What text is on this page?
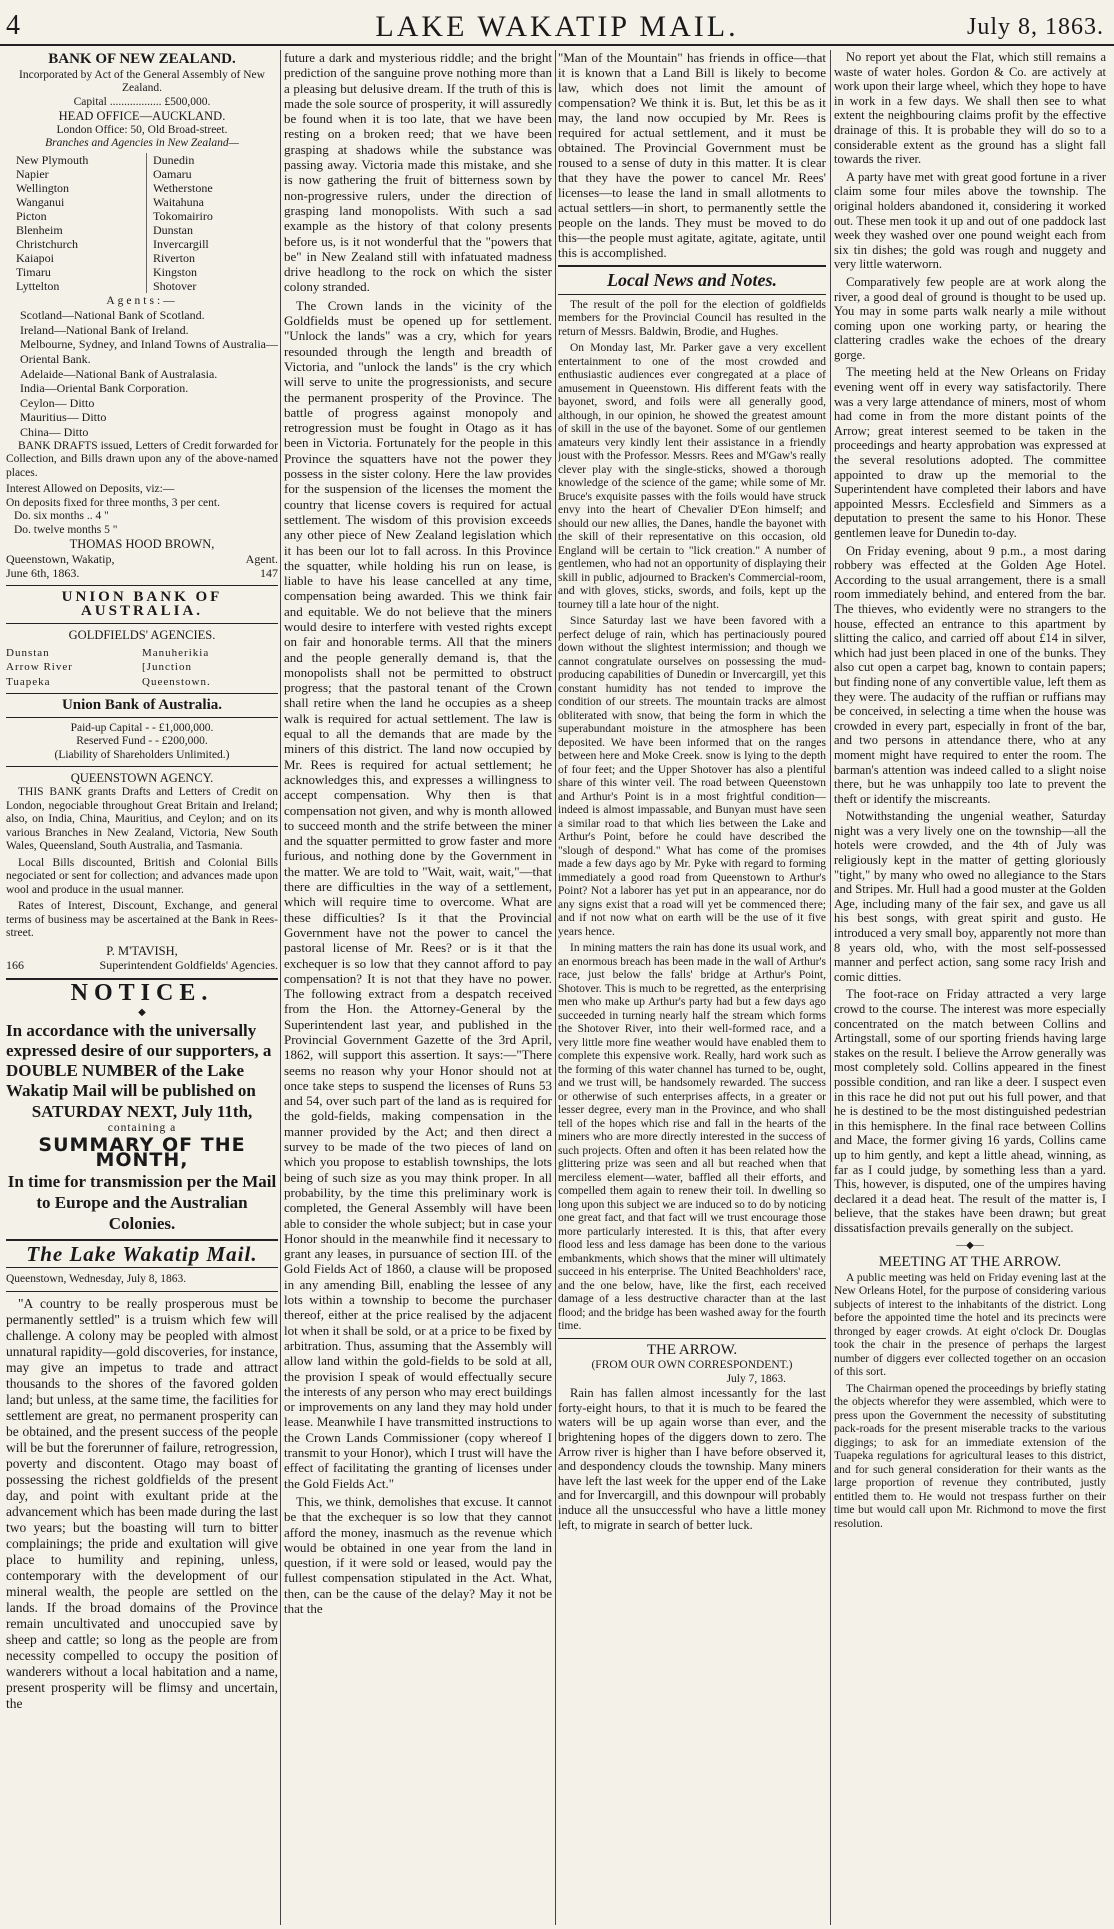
4	LAKE WAKATIP MAIL.	July 8, 1863.
BANK OF NEW ZEALAND.
Incorporated by Act of the General Assembly of New Zealand.
Capital .................. £500,000.
HEAD OFFICE—AUCKLAND.
London Office: 50, Old Broad-street.
Branches and Agencies in New Zealand—
New Plymouth	Dunedin
Napier	Oamaru
Wellington	Wetherstone
Wanganui	Waitahuna
Picton	Tokomairiro
Blenheim	Dunstan
Christchurch	Invercargill
Kaiapoi	Riverton
Timaru	Kingston
Lyttelton	Shotover
Agents:—
Scotland—National Bank of Scotland.
Ireland—National Bank of Ireland.
Melbourne, Sydney, and Inland Towns of Australia—Oriental Bank.
Adelaide—National Bank of Australasia.
India—Oriental Bank Corporation.
Ceylon— Ditto
Mauritius— Ditto
China— Ditto

BANK DRAFTS issued, Letters of Credit forwarded for Collection, and Bills drawn upon any of the above-named places.

Interest Allowed on Deposits, viz:—
On deposits fixed for three months, 3 per cent.
Do. six months .. 4 "
Do. twelve months 5 "
THOMAS HOOD BROWN,
Queenstown, Wakatip,	Agent.
June 6th, 1863.	147
UNION BANK OF AUSTRALIA.
GOLDFIELDS' AGENCIES.
Dunstan	Manuherikia
Arrow River	[Junction
Tuapeka	Queenstown.
Union Bank of Australia.
Paid-up Capital - - £1,000,000.
Reserved Fund - - £200,000.
(Liability of Shareholders Unlimited.)
QUEENSTOWN AGENCY.

THIS BANK grants Drafts and Letters of Credit on London, negociable throughout Great Britain and Ireland; also, on India, China, Mauritius, and Ceylon; and on its various Branches in New Zealand, Victoria, New South Wales, Queensland, South Australia, and Tasmania.

Local Bills discounted, British and Colonial Bills negociated or sent for collection; and advances made upon wool and produce in the usual manner.

Rates of Interest, Discount, Exchange, and general terms of business may be ascertained at the Bank in Rees-street.

P. M'TAVISH,
166	Superintendent Goldfields' Agencies.
NOTICE.
◆
In accordance with the universally expressed desire of our supporters, a DOUBLE NUMBER of the Lake Wakatip Mail will be published on
SATURDAY NEXT, July 11th,
containing a
SUMMARY OF THE MONTH,
In time for transmission per the Mail to Europe and the Australian Colonies.
The Lake Wakatip Mail.
Queenstown, Wednesday, July 8, 1863.

"A country to be really prosperous must be permanently settled" is a truism which few will challenge. A colony may be peopled with almost unnatural rapidity—gold discoveries, for instance, may give an impetus to trade and attract thousands to the shores of the favored golden land; but unless, at the same time, the facilities for settlement are great, no permanent prosperity can be obtained, and the present success of the people will be but the forerunner of failure, retrogression, poverty and discontent. Otago may boast of possessing the richest goldfields of the present day, and point with exultant pride at the advancement which has been made during the last two years; but the boasting will turn to bitter complainings; the pride and exultation will give place to humility and repining, unless, contemporary with the development of our mineral wealth, the people are settled on the lands. If the broad domains of the Province remain uncultivated and unoccupied save by sheep and cattle; so long as the people are from necessity compelled to occupy the position of wanderers without a local habitation and a name, present prosperity will be flimsy and uncertain, the

future a dark and mysterious riddle; and the bright prediction of the sanguine prove nothing more than a pleasing but delusive dream. If the truth of this is made the sole source of prosperity, it will assuredly be found when it is too late, that we have been resting on a broken reed; that we have been grasping at shadows while the substance was passing away. Victoria made this mistake, and she is now gathering the fruit of bitterness sown by non-progressive rulers, under the direction of grasping land monopolists. With such a sad example as the history of that colony presents before us, is it not wonderful that the "powers that be" in New Zealand still with infatuated madness drive headlong to the rock on which the sister colony stranded.

The Crown lands in the vicinity of the Goldfields must be opened up for settlement. "Unlock the lands" was a cry, which for years resounded through the length and breadth of Victoria, and "unlock the lands" is the cry which will serve to unite the progressionists, and secure the permanent prosperity of the Province. The battle of progress against monopoly and retrogression must be fought in Otago as it has been in Victoria. Fortunately for the people in this Province the squatters have not the power they possess in the sister colony. Here the law provides for the suspension of the licenses the moment the country that license covers is required for actual settlement. The wisdom of this provision exceeds any other piece of New Zealand legislation which it has been our lot to fall across. In this Province the squatter, while holding his run on lease, is liable to have his lease cancelled at any time, compensation being awarded. This we think fair and equitable. We do not believe that the miners would desire to interfere with vested rights except on fair and honorable terms. All that the miners and the people generally demand is, that the monopolists shall not be permitted to obstruct progress; that the pastoral tenant of the Crown shall retire when the land he occupies as a sheep walk is required for actual settlement. The law is equal to all the demands that are made by the miners of this district. The land now occupied by Mr. Rees is required for actual settlement; he acknowledges this, and expresses a willingness to accept compensation. Why then is that compensation not given, and why is month allowed to succeed month and the strife between the miner and the squatter permitted to grow faster and more furious, and nothing done by the Government in the matter. We are told to "Wait, wait, wait,"—that there are difficulties in the way of a settlement, which will require time to overcome. What are these difficulties? Is it that the Provincial Government have not the power to cancel the pastoral license of Mr. Rees? or is it that the exchequer is so low that they cannot afford to pay compensation? It is not that they have no power. The following extract from a despatch received from the Hon. the Attorney-General by the Superintendent last year, and published in the Provincial Government Gazette of the 3rd April, 1862, will support this assertion. It says:—"There seems no reason why your Honor should not at once take steps to suspend the licenses of Runs 53 and 54, over such part of the land as is required for the gold-fields, making compensation in the manner provided by the Act; and then direct a survey to be made of the two pieces of land on which you propose to establish townships, the lots being of such size as you may think proper. In all probability, by the time this preliminary work is completed, the General Assembly will have been able to consider the whole subject; but in case your Honor should in the meanwhile find it necessary to grant any leases, in pursuance of section III. of the Gold Fields Act of 1860, a clause will be proposed in any amending Bill, enabling the lessee of any lots within a township to become the purchaser thereof, either at the price realised by the adjacent lot when it shall be sold, or at a price to be fixed by arbitration. Thus, assuming that the Assembly will allow land within the gold-fields to be sold at all, the provision I speak of would effectually secure the interests of any person who may erect buildings or improvements on any land they may hold under lease. Meanwhile I have transmitted instructions to the Crown Lands Commissioner (copy whereof I transmit to your Honor), which I trust will have the effect of facilitating the granting of licenses under the Gold Fields Act."

This, we think, demolishes that excuse. It cannot be that the exchequer is so low that they cannot afford the money, inasmuch as the revenue which would be obtained in one year from the land in question, if it were sold or leased, would pay the fullest compensation stipulated in the Act. What, then, can be the cause of the delay? May it not be that the

"Man of the Mountain" has friends in office—that it is known that a Land Bill is likely to become law, which does not limit the amount of compensation? We think it is. But, let this be as it may, the land now occupied by Mr. Rees is required for actual settlement, and it must be obtained. The Provincial Government must be roused to a sense of duty in this matter. It is clear that they have the power to cancel Mr. Rees' licenses—to lease the land in small allotments to actual settlers—in short, to permanently settle the people on the lands. They must be moved to do this—the people must agitate, agitate, agitate, until this is accomplished.

Local News and Notes.

The result of the poll for the election of goldfields members for the Provincial Council has resulted in the return of Messrs. Baldwin, Brodie, and Hughes.

On Monday last, Mr. Parker gave a very excellent entertainment to one of the most crowded and enthusiastic audiences ever congregated at a place of amusement in Queenstown. His different feats with the bayonet, sword, and foils were all generally good, although, in our opinion, he showed the greatest amount of skill in the use of the bayonet. Some of our gentlemen amateurs very kindly lent their assistance in a friendly joust with the Professor. Messrs. Rees and M'Gaw's really clever play with the single-sticks, showed a thorough knowledge of the science of the game; while some of Mr. Bruce's exquisite passes with the foils would have struck envy into the heart of Chevalier D'Eon himself; and should our new allies, the Danes, handle the bayonet with the skill of their representative on this occasion, old England will be certain to "lick creation." A number of gentlemen, who had not an opportunity of displaying their skill in public, adjourned to Bracken's Commercial-room, and with gloves, sticks, swords, and foils, kept up the tourney till a late hour of the night.

Since Saturday last we have been favored with a perfect deluge of rain, which has pertinaciously poured down without the slightest intermission; and though we cannot congratulate ourselves on possessing the mud-producing capabilities of Dunedin or Invercargill, yet this constant humidity has not tended to improve the condition of our streets. The mountain tracks are almost obliterated with snow, that being the form in which the superabundant moisture in the atmosphere has been deposited. We have been informed that on the ranges between here and Moke Creek. snow is lying to the depth of four feet; and the Upper Shotover has also a plentiful share of this winter veil. The road between Queenstown and Arthur's Point is in a most frightful condition—indeed is almost impassable, and Bunyan must have seen a similar road to that which lies between the Lake and Arthur's Point, before he could have described the "slough of despond." What has come of the promises made a few days ago by Mr. Pyke with regard to forming immediately a good road from Queenstown to Arthur's Point? Not a laborer has yet put in an appearance, nor do any signs exist that a road will yet be commenced there; and if not now what on earth will be the use of it five years hence.

In mining matters the rain has done its usual work, and an enormous breach has been made in the wall of Arthur's race, just below the falls' bridge at Arthur's Point, Shotover. This is much to be regretted, as the enterprising men who make up Arthur's party had but a few days ago succeeded in turning nearly half the stream which forms the Shotover River, into their well-formed race, and a very little more fine weather would have enabled them to complete this expensive work. Really, hard work such as the forming of this water channel has turned to be, ought, and we trust will, be handsomely rewarded. The success or otherwise of such enterprises affects, in a greater or lesser degree, every man in the Province, and who shall tell of the hopes which rise and fall in the hearts of the miners who are more directly interested in the success of such projects. Often and often it has been related how the glittering prize was seen and all but reached when that merciless element—water, baffled all their efforts, and compelled them again to renew their toil. In dwelling so long upon this subject we are induced so to do by noticing one great fact, and that fact will we trust encourage those more particularly interested. It is this, that after every flood less and less damage has been done to the various embankments, which shows that the miner will ultimately succeed in his enterprise. The United Beachholders' race, and the one below, have, like the first, each received damage of a less destructive character than at the last flood; and the bridge has been washed away for the fourth time.

THE ARROW.
(FROM OUR OWN CORRESPONDENT.)
July 7, 1863.

Rain has fallen almost incessantly for the last forty-eight hours, to that it is much to be feared the waters will be up again worse than ever, and the brightening hopes of the diggers down to zero. The Arrow river is higher than I have before observed it, and despondency clouds the township. Many miners have left the last week for the upper end of the Lake and for Invercargill, and this downpour will probably induce all the unsuccessful who have a little money left, to migrate in search of better luck.

No report yet about the Flat, which still remains a waste of water holes. Gordon & Co. are actively at work upon their large wheel, which they hope to have in work in a few days. We shall then see to what extent the neighbouring claims profit by the effective drainage of this. It is probable they will do so to a considerable extent as the ground has a slight fall towards the river.

A party have met with great good fortune in a river claim some four miles above the township. The original holders abandoned it, considering it worked out. These men took it up and out of one paddock last week they washed over one pound weight each from six tin dishes; the gold was rough and nuggety and very little waterworn.

Comparatively few people are at work along the river, a good deal of ground is thought to be used up. You may in some parts walk nearly a mile without coming upon one working party, or hearing the clattering cradles wake the echoes of the dreary gorge.

The meeting held at the New Orleans on Friday evening went off in every way satisfactorily. There was a very large attendance of miners, most of whom had come in from the more distant points of the Arrow; great interest seemed to be taken in the proceedings and hearty approbation was expressed at the several resolutions adopted. The committee appointed to draw up the memorial to the Superintendent have completed their labors and have appointed Messrs. Ecclesfield and Simmers as a deputation to present the same to his Honor. These gentlemen leave for Dunedin to-day.

On Friday evening, about 9 p.m., a most daring robbery was effected at the Golden Age Hotel. According to the usual arrangement, there is a small room immediately behind, and entered from the bar. The thieves, who evidently were no strangers to the house, effected an entrance to this apartment by slitting the calico, and carried off about £14 in silver, which had just been placed in one of the bunks. They also cut open a carpet bag, known to contain papers; but finding none of any convertible value, left them as they were. The audacity of the ruffian or ruffians may be conceived, in selecting a time when the house was crowded in every part, especially in front of the bar, and two persons in attendance there, who at any moment might have required to enter the room. The barman's attention was indeed called to a slight noise there, but he was unhappily too late to prevent the theft or identify the miscreants.

Notwithstanding the ungenial weather, Saturday night was a very lively one on the township—all the hotels were crowded, and the 4th of July was religiously kept in the matter of getting gloriously "tight," by many who owed no allegiance to the Stars and Stripes. Mr. Hull had a good muster at the Golden Age, including many of the fair sex, and gave us all his best songs, with great spirit and gusto. He introduced a very small boy, apparently not more than 8 years old, who, with the most self-possessed manner and perfect action, sang some racy Irish and comic ditties.

The foot-race on Friday attracted a very large crowd to the course. The interest was more especially concentrated on the match between Collins and Artingstall, some of our sporting friends having large stakes on the result. I believe the Arrow generally was most completely sold. Collins appeared in the finest possible condition, and ran like a deer. I suspect even in this race he did not put out his full power, and that he is destined to be the most distinguished pedestrian in this hemisphere. In the final race between Collins and Mace, the former giving 16 yards, Collins came up to him gently, and kept a little ahead, winning, as far as I could judge, by something less than a yard. This, however, is disputed, one of the umpires having declared it a dead heat. The result of the matter is, I believe, that the stakes have been drawn; but great dissatisfaction prevails generally on the subject.

—◆—
MEETING AT THE ARROW.

A public meeting was held on Friday evening last at the New Orleans Hotel, for the purpose of considering various subjects of interest to the inhabitants of the district. Long before the appointed time the hotel and its precincts were thronged by eager crowds. At eight o'clock Dr. Douglas took the chair in the presence of perhaps the largest number of diggers ever collected together on an occasion of this sort.

The Chairman opened the proceedings by briefly stating the objects wherefor they were assembled, which were to press upon the Government the necessity of substituting pack-roads for the present miserable tracks to the various diggings; to ask for an immediate extension of the Tuapeka regulations for agricultural leases to this district, and for such general consideration for their wants as the large proportion of revenue they contributed, justly entitled them to. He would not trespass further on their time but would call upon Mr. Richmond to move the first resolution.
